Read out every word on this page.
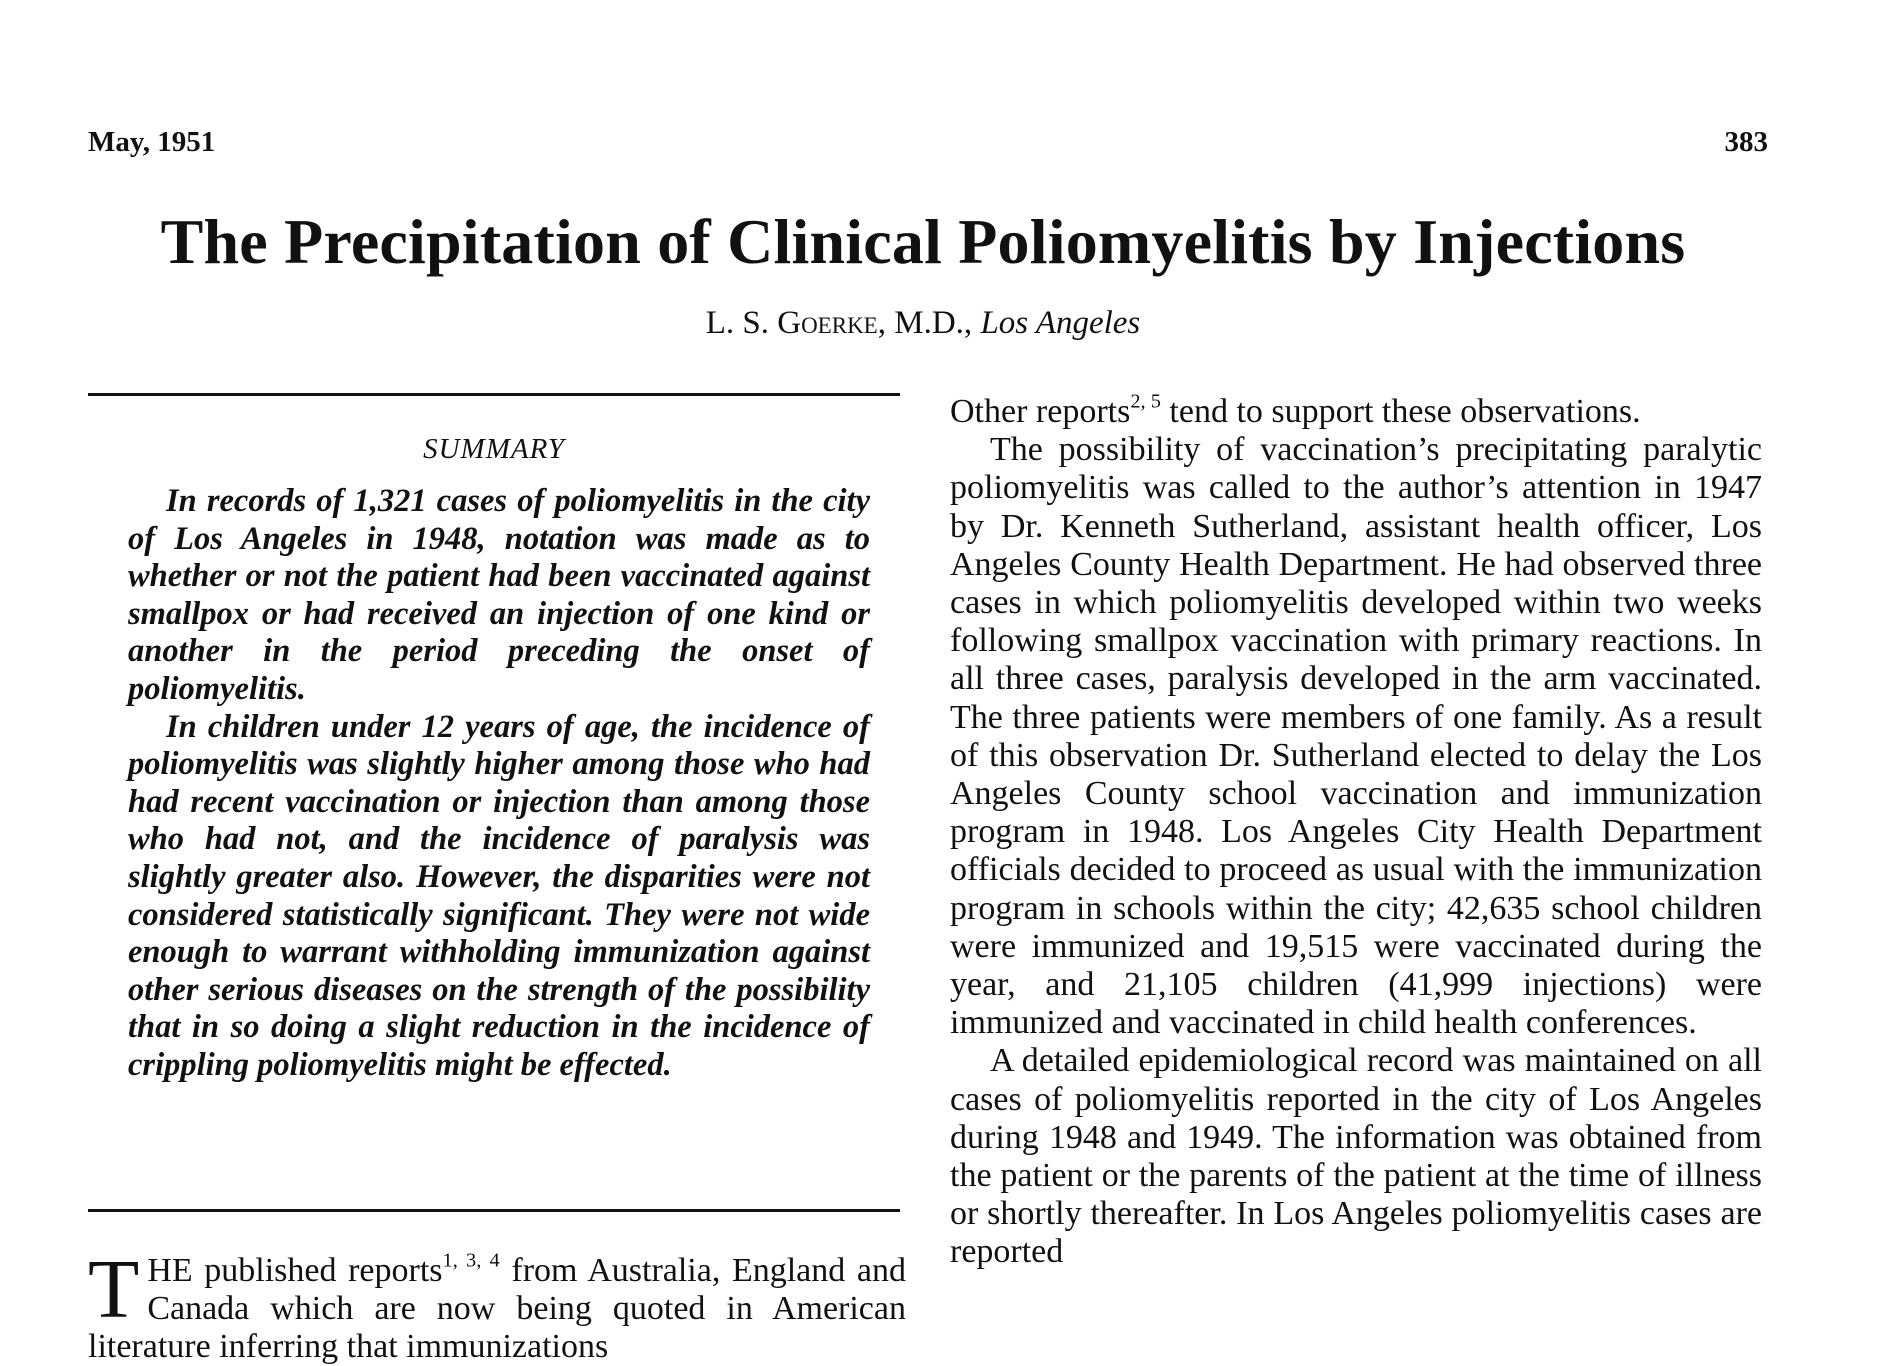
May, 1951	383
The Precipitation of Clinical Poliomyelitis by Injections
L. S. Goerke, M.D., Los Angeles
SUMMARY

In records of 1,321 cases of poliomyelitis in the city of Los Angeles in 1948, notation was made as to whether or not the patient had been vaccinated against smallpox or had received an injection of one kind or another in the period preceding the onset of poliomyelitis.

In children under 12 years of age, the incidence of poliomyelitis was slightly higher among those who had had recent vaccination or injection than among those who had not, and the incidence of paralysis was slightly greater also. However, the disparities were not considered statistically significant. They were not wide enough to warrant withholding immunization against other serious diseases on the strength of the possibility that in so doing a slight reduction in the incidence of crippling poliomyelitis might be effected.

THE published reports$^{1, 3, 4}$ from Australia, England and Canada which are now being quoted in American literature inferring that immunizations

Other reports$^{2, 5}$ tend to support these observations.

The possibility of vaccination’s precipitating paralytic poliomyelitis was called to the author’s attention in 1947 by Dr. Kenneth Sutherland, assistant health officer, Los Angeles County Health Department. He had observed three cases in which poliomyelitis developed within two weeks following smallpox vaccination with primary reactions. In all three cases, paralysis developed in the arm vaccinated. The three patients were members of one family. As a result of this observation Dr. Sutherland elected to delay the Los Angeles County school vaccination and immunization program in 1948. Los Angeles City Health Department officials decided to proceed as usual with the immunization program in schools within the city; 42,635 school children were immunized and 19,515 were vaccinated during the year, and 21,105 children (41,999 injections) were immunized and vaccinated in child health conferences.

A detailed epidemiological record was maintained on all cases of poliomyelitis reported in the city of Los Angeles during 1948 and 1949. The information was obtained from the patient or the parents of the patient at the time of illness or shortly thereafter. In Los Angeles poliomyelitis cases are reported
